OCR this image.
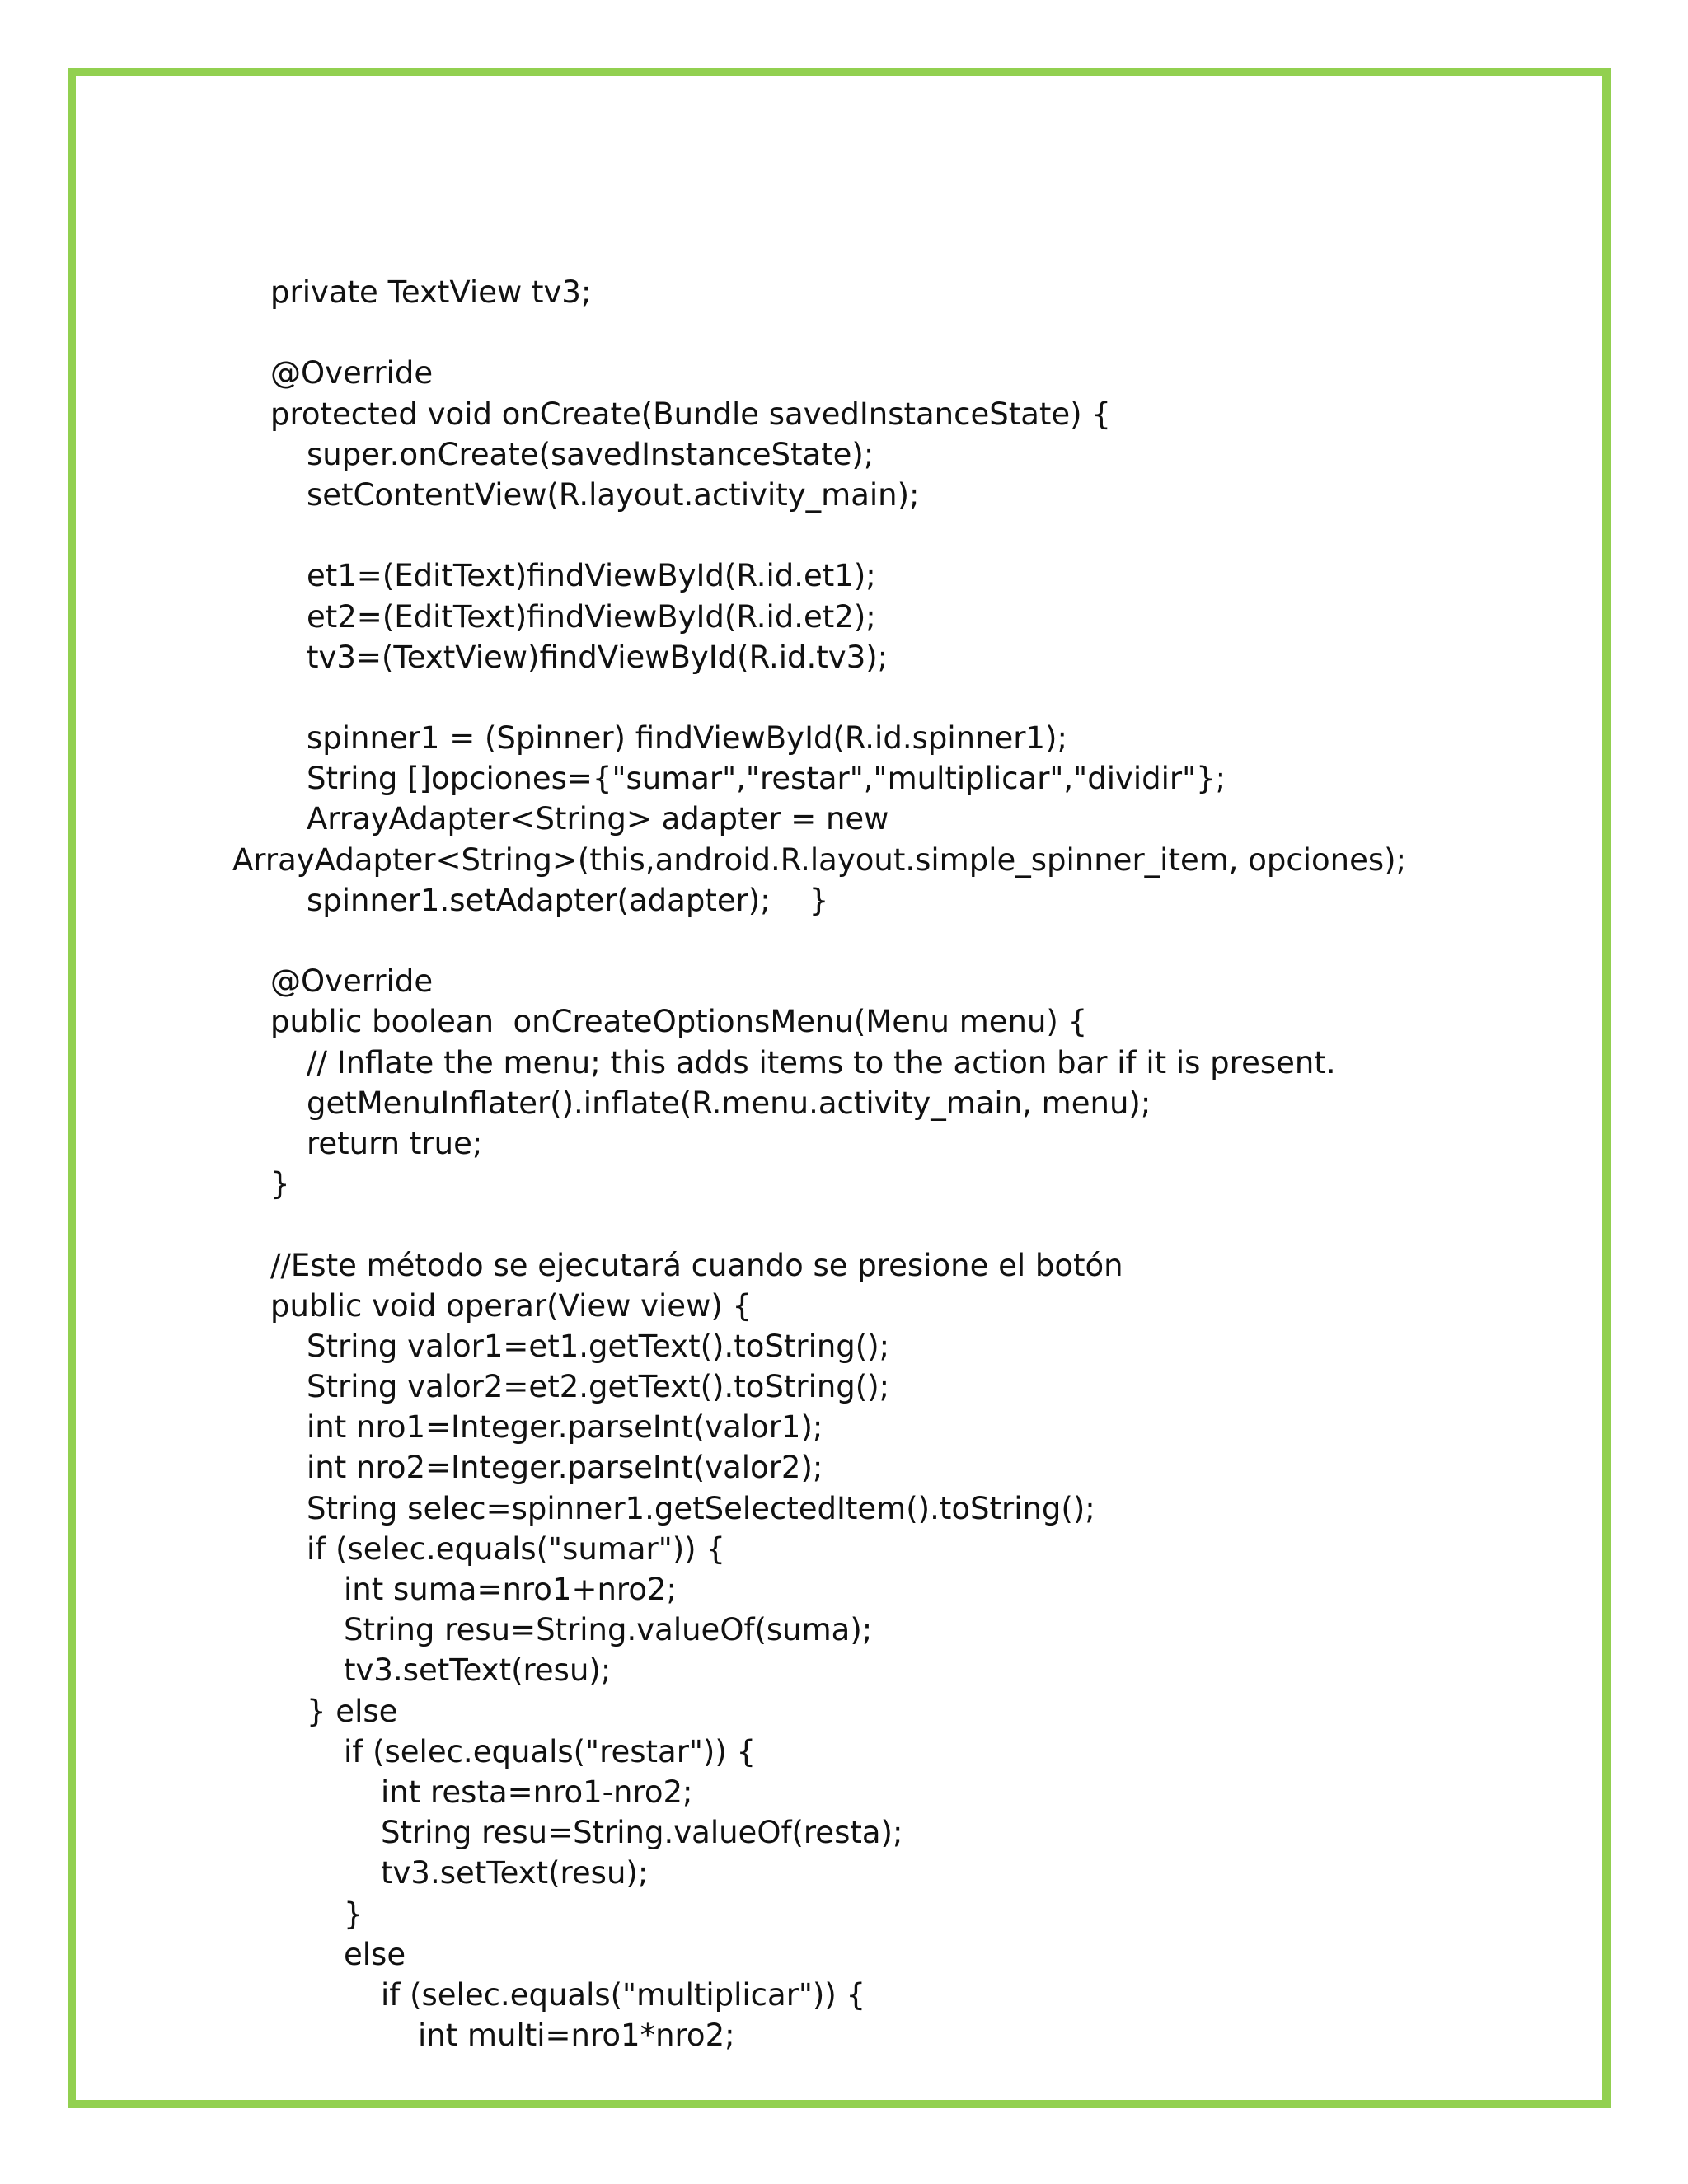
private TextView tv3;
@Override
protected void onCreate(Bundle savedInstanceState) {
super.onCreate(savedInstanceState);
setContentView(R.layout.activity_main);
et1=(EditText)findViewById(R.id.et1);
et2=(EditText)findViewById(R.id.et2);
tv3=(TextView)findViewById(R.id.tv3);
spinner1 = (Spinner) findViewById(R.id.spinner1);
String []opciones={"sumar","restar","multiplicar","dividir"};
ArrayAdapter<String> adapter = new
ArrayAdapter<String>(this,android.R.layout.simple_spinner_item, opciones);
spinner1.setAdapter(adapter);    }
@Override
public boolean  onCreateOptionsMenu(Menu menu) {
// Inflate the menu; this adds items to the action bar if it is present.
getMenuInflater().inflate(R.menu.activity_main, menu);
return true;
}
//Este método se ejecutará cuando se presione el botón
public void operar(View view) {
String valor1=et1.getText().toString();
String valor2=et2.getText().toString();
int nro1=Integer.parseInt(valor1);
int nro2=Integer.parseInt(valor2);
String selec=spinner1.getSelectedItem().toString();
if (selec.equals("sumar")) {
int suma=nro1+nro2;
String resu=String.valueOf(suma);
tv3.setText(resu);
} else
if (selec.equals("restar")) {
int resta=nro1-nro2;
String resu=String.valueOf(resta);
tv3.setText(resu);
}
else
if (selec.equals("multiplicar")) {
int multi=nro1*nro2;
